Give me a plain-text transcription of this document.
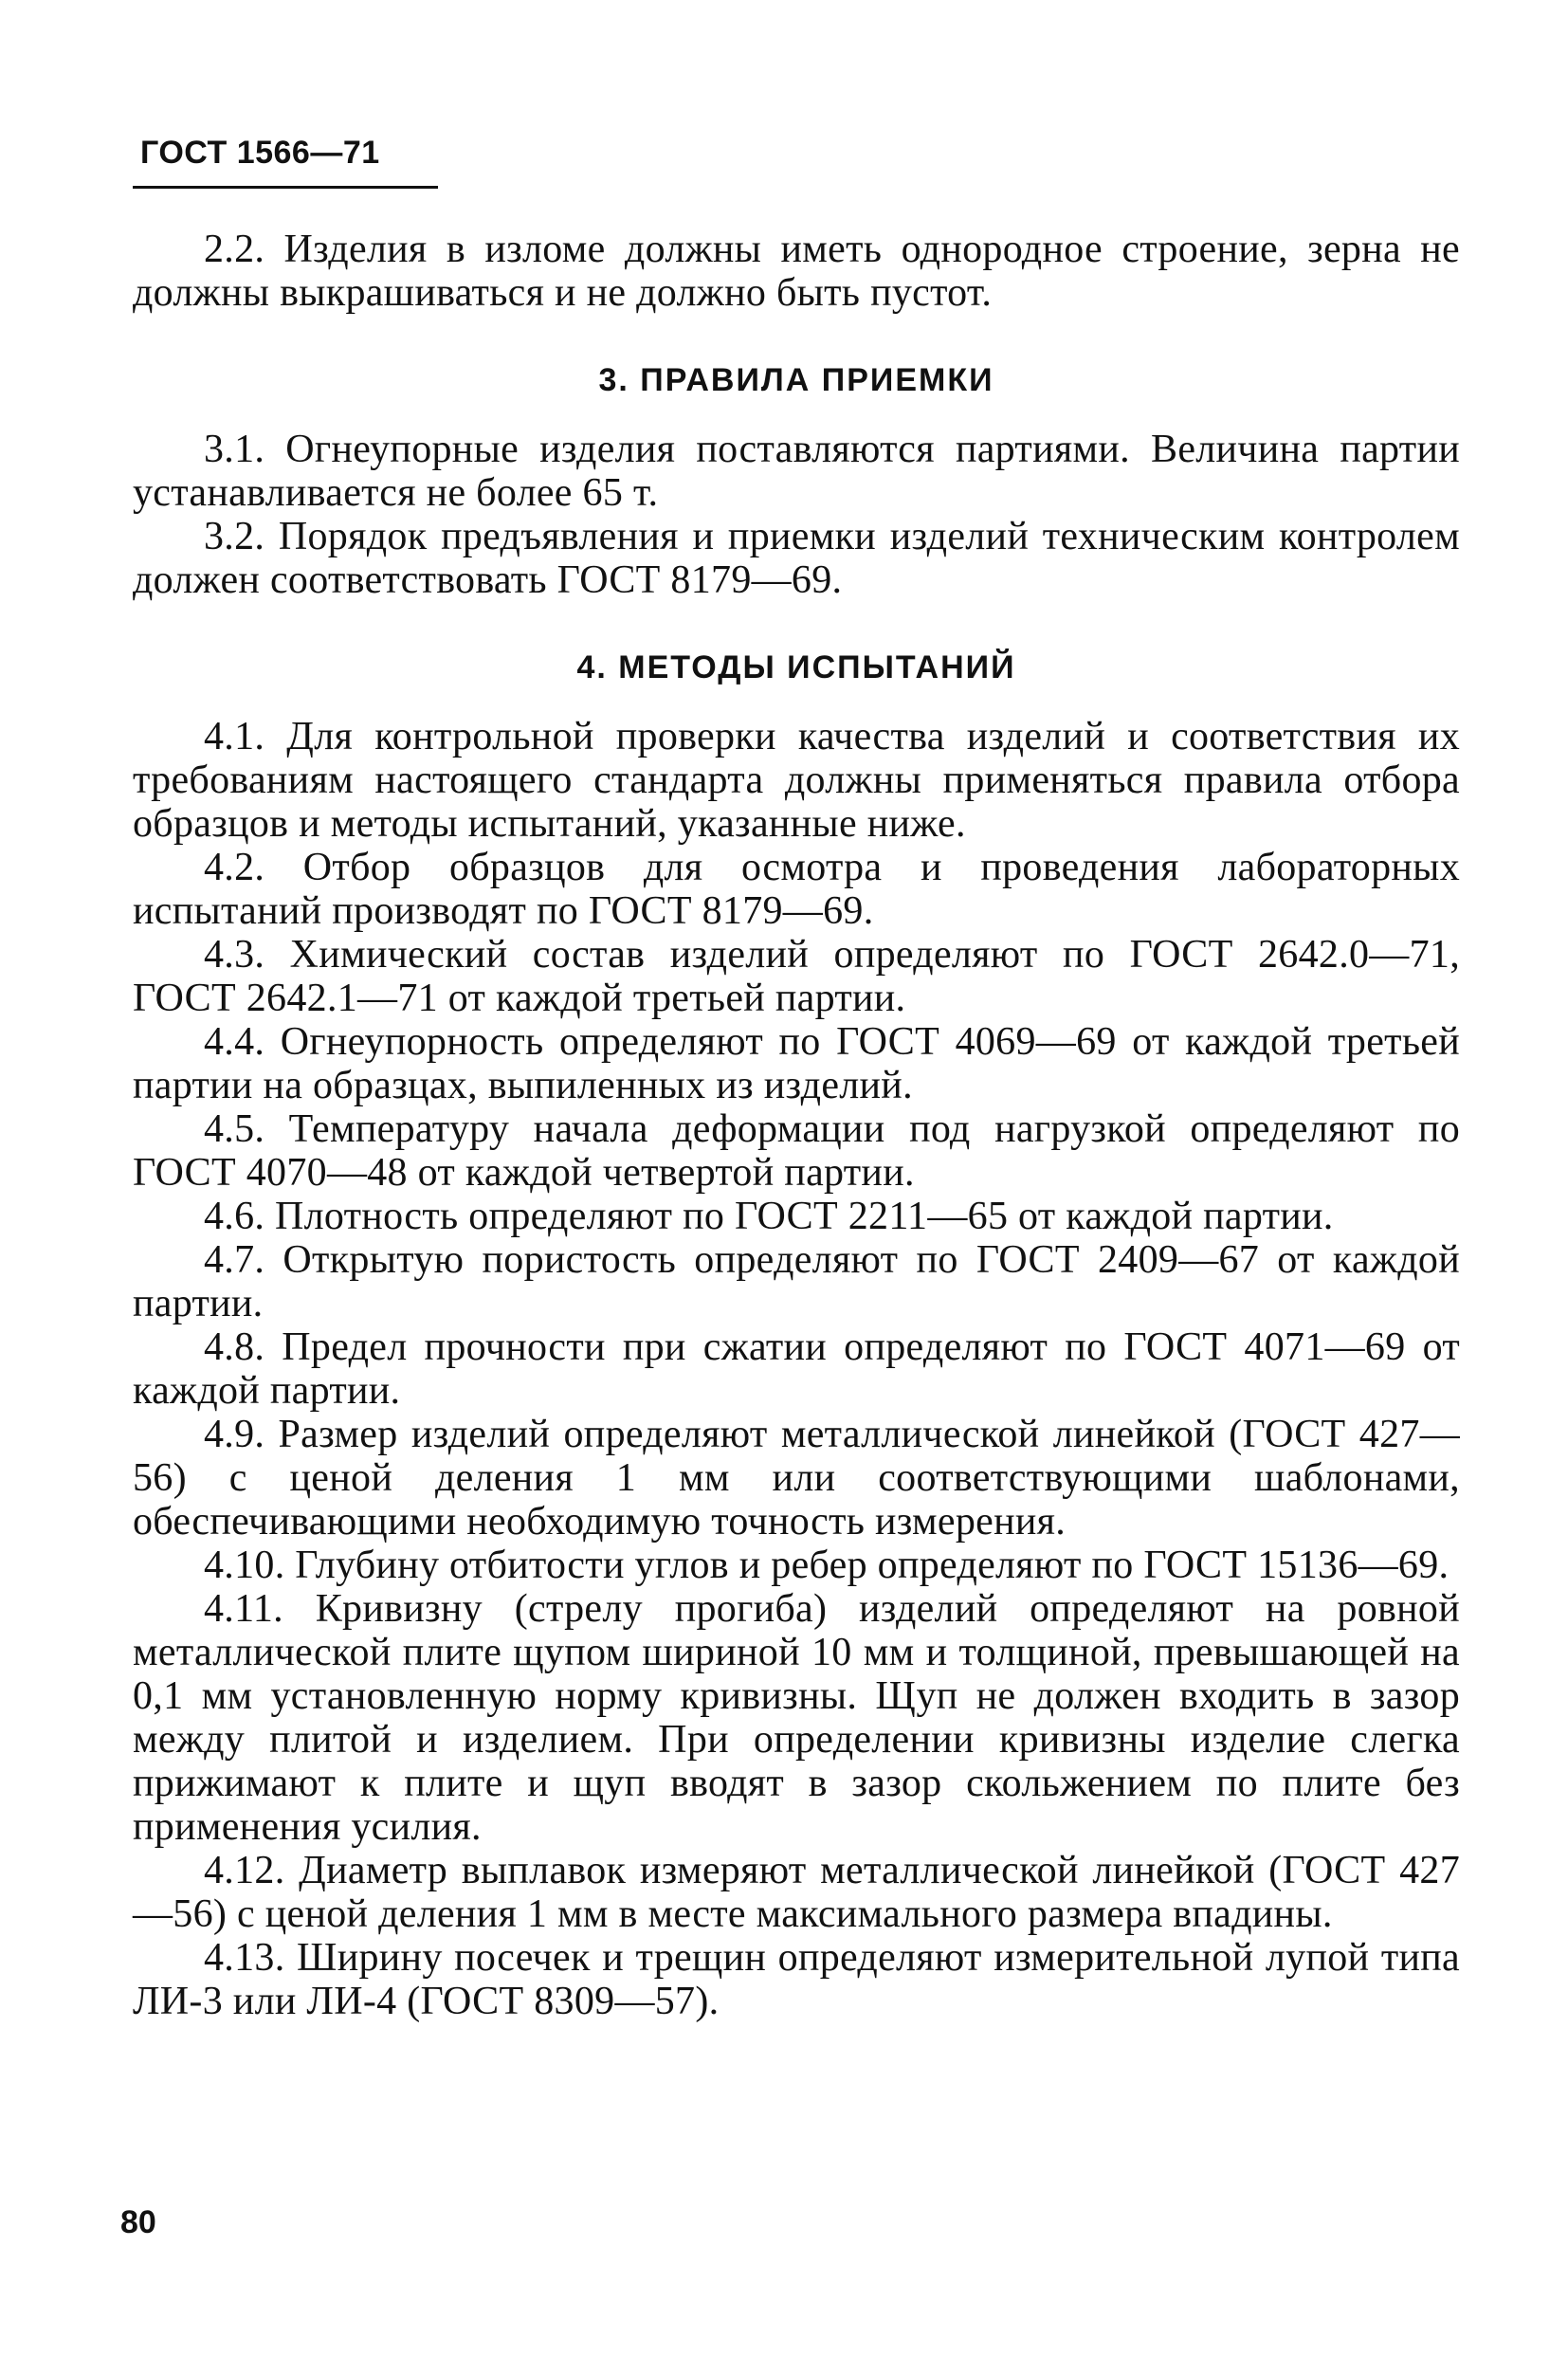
ГОСТ 1566—71

2.2. Изделия в изломе должны иметь однородное строение, зерна не должны выкрашиваться и не должно быть пустот.

3. ПРАВИЛА ПРИЕМКИ

3.1. Огнеупорные изделия поставляются партиями. Величина партии устанавливается не более 65 т.

3.2. Порядок предъявления и приемки изделий техническим контролем должен соответствовать ГОСТ 8179—69.

4. МЕТОДЫ ИСПЫТАНИЙ

4.1. Для контрольной проверки качества изделий и соответствия их требованиям настоящего стандарта должны применяться правила отбора образцов и методы испытаний, указанные ниже.

4.2. Отбор образцов для осмотра и проведения лабораторных испытаний производят по ГОСТ 8179—69.

4.3. Химический состав изделий определяют по ГОСТ 2642.0—71, ГОСТ 2642.1—71 от каждой третьей партии.

4.4. Огнеупорность определяют по ГОСТ 4069—69 от каждой третьей партии на образцах, выпиленных из изделий.

4.5. Температуру начала деформации под нагрузкой определяют по ГОСТ 4070—48 от каждой четвертой партии.

4.6. Плотность определяют по ГОСТ 2211—65 от каждой партии.

4.7. Открытую пористость определяют по ГОСТ 2409—67 от каждой партии.

4.8. Предел прочности при сжатии определяют по ГОСТ 4071—69 от каждой партии.

4.9. Размер изделий определяют металлической линейкой (ГОСТ 427—56) с ценой деления 1 мм или соответствующими шаблонами, обеспечивающими необходимую точность измерения.

4.10. Глубину отбитости углов и ребер определяют по ГОСТ 15136—69.

4.11. Кривизну (стрелу прогиба) изделий определяют на ровной металлической плите щупом шириной 10 мм и толщиной, превышающей на 0,1 мм установленную норму кривизны. Щуп не должен входить в зазор между плитой и изделием. При определении кривизны изделие слегка прижимают к плите и щуп вводят в зазор скольжением по плите без применения усилия.

4.12. Диаметр выплавок измеряют металлической линейкой (ГОСТ 427—56) с ценой деления 1 мм в месте максимального размера впадины.

4.13. Ширину посечек и трещин определяют измерительной лупой типа ЛИ-3 или ЛИ-4 (ГОСТ 8309—57).

80
